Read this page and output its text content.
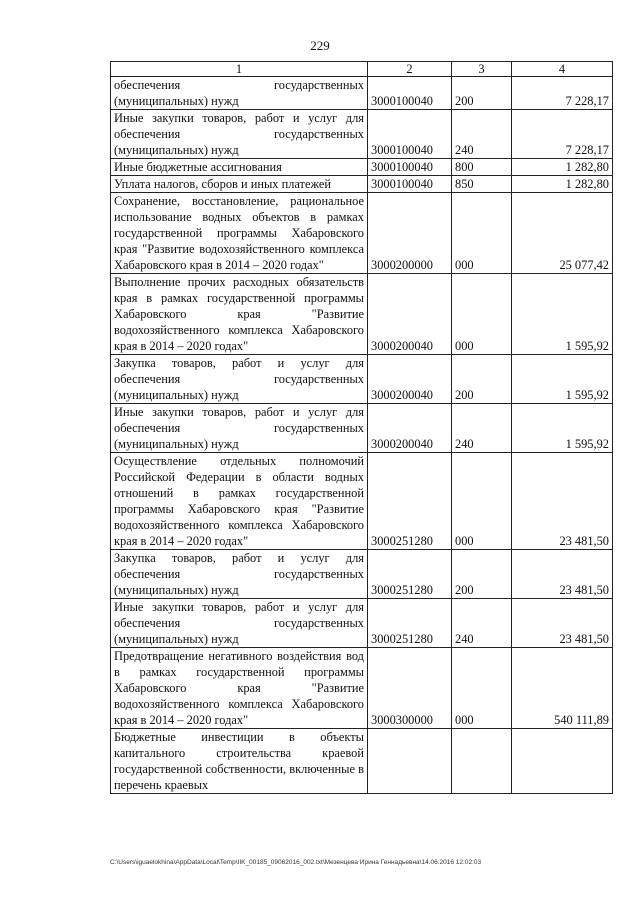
229
1	2	3	4
обеспечения государственных (муниципальных) нужд	3000100040	200	7 228,17
Иные закупки товаров, работ и услуг для обеспечения государственных (муниципальных) нужд	3000100040	240	7 228,17
Иные бюджетные ассигнования	3000100040	800	1 282,80
Уплата налогов, сборов и иных платежей	3000100040	850	1 282,80
Сохранение, восстановление, рациональное использование водных объектов в рамках государственной программы Хабаровского края "Развитие водохозяйственного комплекса Хабаровского края в 2014 – 2020 годах"	3000200000	000	25 077,42
Выполнение прочих расходных обязательств края в рамках государственной программы Хабаровского края "Развитие водохозяйственного комплекса Хабаровского края в 2014 – 2020 годах"	3000200040	000	1 595,92
Закупка товаров, работ и услуг для обеспечения государственных (муниципальных) нужд	3000200040	200	1 595,92
Иные закупки товаров, работ и услуг для обеспечения государственных (муниципальных) нужд	3000200040	240	1 595,92
Осуществление отдельных полномочий Российской Федерации в области водных отношений в рамках государственной программы Хабаровского края "Развитие водохозяйственного комплекса Хабаровского края в 2014 – 2020 годах"	3000251280	000	23 481,50
Закупка товаров, работ и услуг для обеспечения государственных (муниципальных) нужд	3000251280	200	23 481,50
Иные закупки товаров, работ и услуг для обеспечения государственных (муниципальных) нужд	3000251280	240	23 481,50
Предотвращение негативного воздействия вод в рамках государственной программы Хабаровского края "Развитие водохозяйственного комплекса Хабаровского края в 2014 – 2020 годах"	3000300000	000	540 111,89
Бюджетные инвестиции в объекты капитального строительства краевой государственной собственности, включенные в перечень краевых			
C:\Users\iguaelokhina\AppData\Local\Temp\IIK_00185_09062016_002.txt\Мезенцева Ирина Геннадьевна\14.06.2016 12:02:03
